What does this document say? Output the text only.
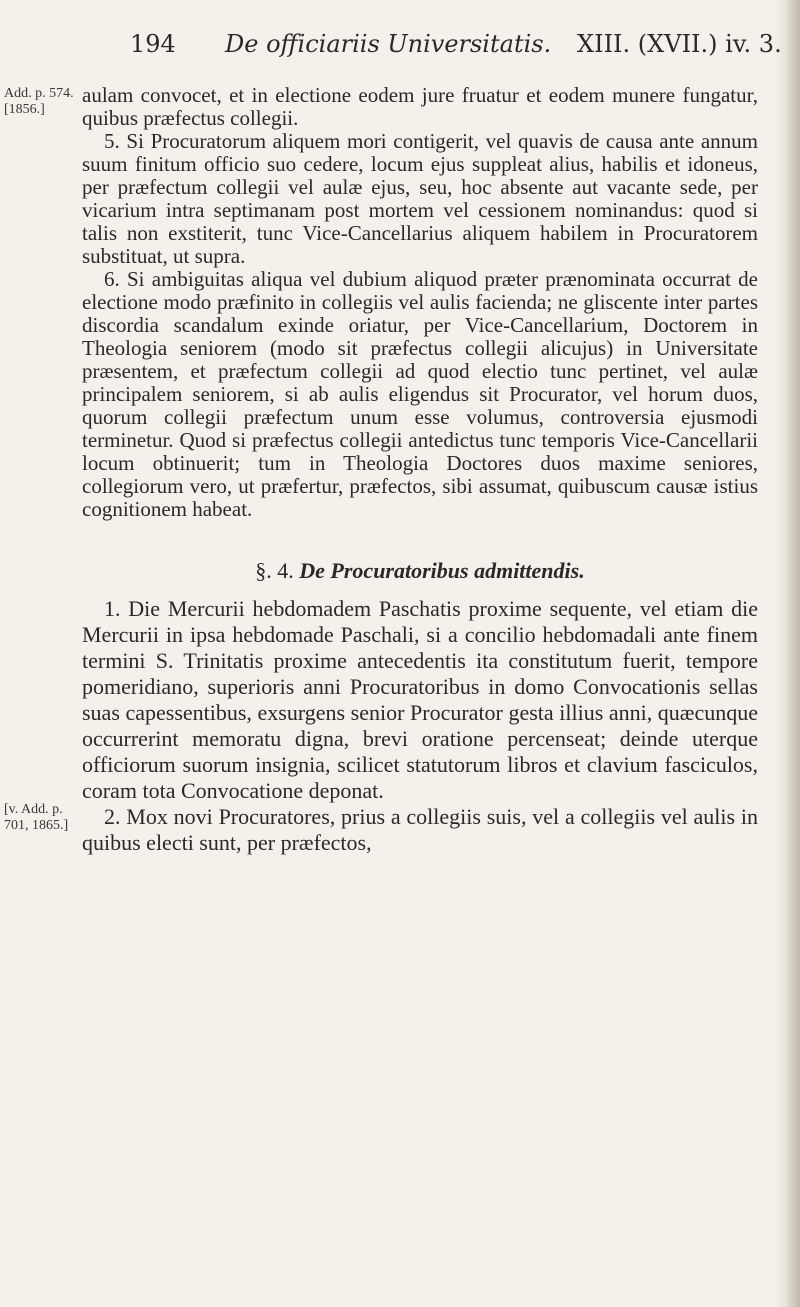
194 De officiariis Universitatis. XIII. (XVII.) iv. 3.
Add. p. 574.
[1856.]
[v. Add. p.
701, 1865.]

aulam convocet, et in electione eodem jure fruatur et eodem munere fungatur, quibus præfectus collegii.

5. Si Procuratorum aliquem mori contigerit, vel quavis de causa ante annum suum finitum officio suo cedere, locum ejus suppleat alius, habilis et idoneus, per præfectum collegii vel aulæ ejus, seu, hoc absente aut vacante sede, per vicarium intra septimanam post mortem vel cessionem nominandus: quod si talis non exstiterit, tunc Vice-Cancellarius aliquem habilem in Procuratorem substituat, ut supra.

6. Si ambiguitas aliqua vel dubium aliquod præter prænominata occurrat de electione modo præfinito in collegiis vel aulis facienda; ne gliscente inter partes discordia scandalum exinde oriatur, per Vice-Cancellarium, Doctorem in Theologia seniorem (modo sit præfectus collegii alicujus) in Universitate præsentem, et præfectum collegii ad quod electio tunc pertinet, vel aulæ principalem seniorem, si ab aulis eligendus sit Procurator, vel horum duos, quorum collegii præfectum unum esse volumus, controversia ejusmodi terminetur. Quod si præfectus collegii antedictus tunc temporis Vice-Cancellarii locum obtinuerit; tum in Theologia Doctores duos maxime seniores, collegiorum vero, ut præfertur, præfectos, sibi assumat, quibuscum causæ istius cognitionem habeat.

§. 4. De Procuratoribus admittendis.

1. Die Mercurii hebdomadem Paschatis proxime sequente, vel etiam die Mercurii in ipsa hebdomade Paschali, si a concilio hebdomadali ante finem termini S. Trinitatis proxime antecedentis ita constitutum fuerit, tempore pomeridiano, superioris anni Procuratoribus in domo Convocationis sellas suas capessentibus, exsurgens senior Procurator gesta illius anni, quæcunque occurrerint memoratu digna, brevi oratione percenseat; deinde uterque officiorum suorum insignia, scilicet statutorum libros et clavium fasciculos, coram tota Convocatione deponat.

2. Mox novi Procuratores, prius a collegiis suis, vel a collegiis vel aulis in quibus electi sunt, per præfectos,
